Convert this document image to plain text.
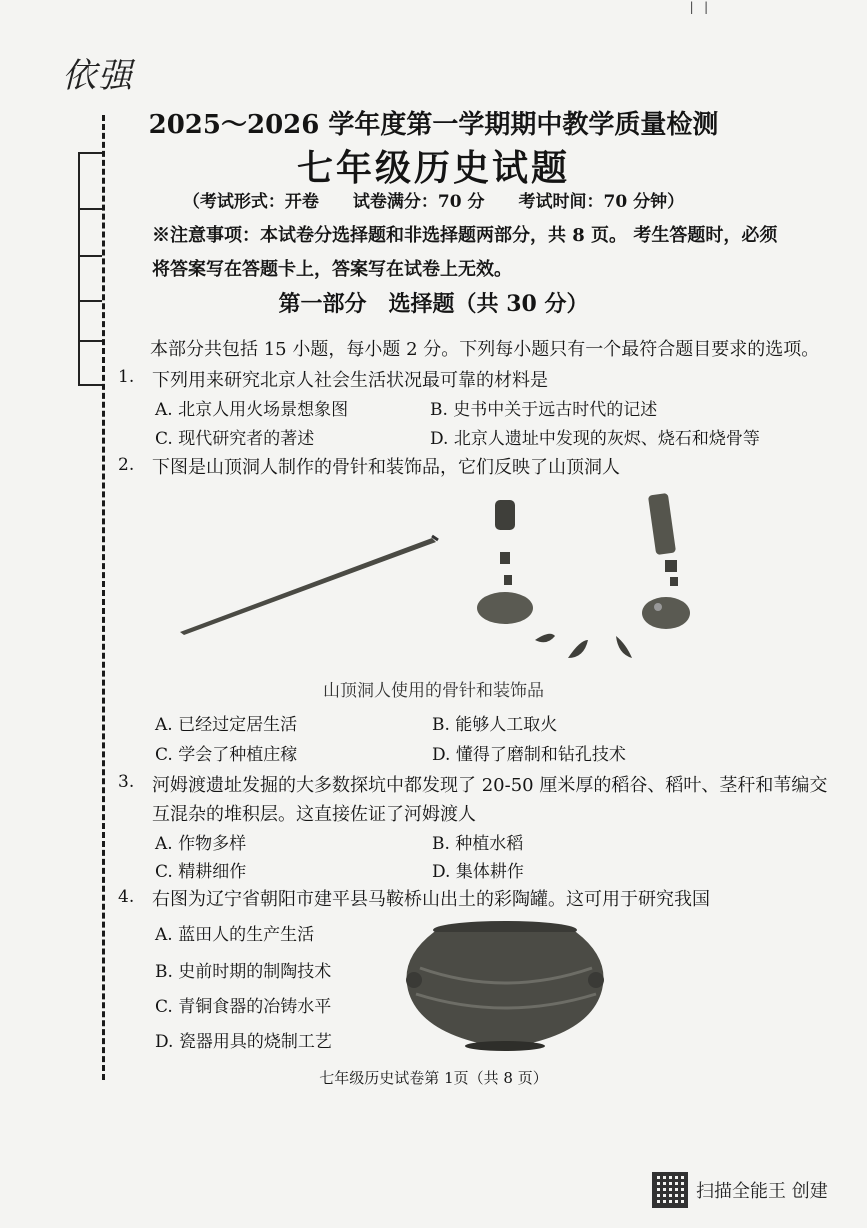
| |
依强
2025～2026 学年度第一学期期中教学质量检测
七年级历史试题
（考试形式：开卷　　试卷满分：70 分　　考试时间：70 分钟）
※注意事项：本试卷分选择题和非选择题两部分，共 8 页。 考生答题时，必须将答案写在答题卡上，答案写在试卷上无效。
第一部分　选择题（共 30 分）
本部分共包括 15 小题，每小题 2 分。下列每小题只有一个最符合题目要求的选项。
1. 下列用来研究北京人社会生活状况最可靠的材料是
A. 北京人用火场景想象图	B. 史书中关于远古时代的记述
C. 现代研究者的著述	D. 北京人遗址中发现的灰烬、烧石和烧骨等
2. 下图是山顶洞人制作的骨针和装饰品，它们反映了山顶洞人
山顶洞人使用的骨针和装饰品
A. 已经过定居生活	B. 能够人工取火
C. 学会了种植庄稼	D. 懂得了磨制和钻孔技术
3. 河姆渡遗址发掘的大多数探坑中都发现了 20-50 厘米厚的稻谷、稻叶、茎秆和苇编交
互混杂的堆积层。这直接佐证了河姆渡人
A. 作物多样	B. 种植水稻
C. 精耕细作	D. 集体耕作
4. 右图为辽宁省朝阳市建平县马鞍桥山出土的彩陶罐。这可用于研究我国
A. 蓝田人的生产生活
B. 史前时期的制陶技术
C. 青铜食器的冶铸水平
D. 瓷器用具的烧制工艺
七年级历史试卷第 1页（共 8 页）
扫描全能王 创建
